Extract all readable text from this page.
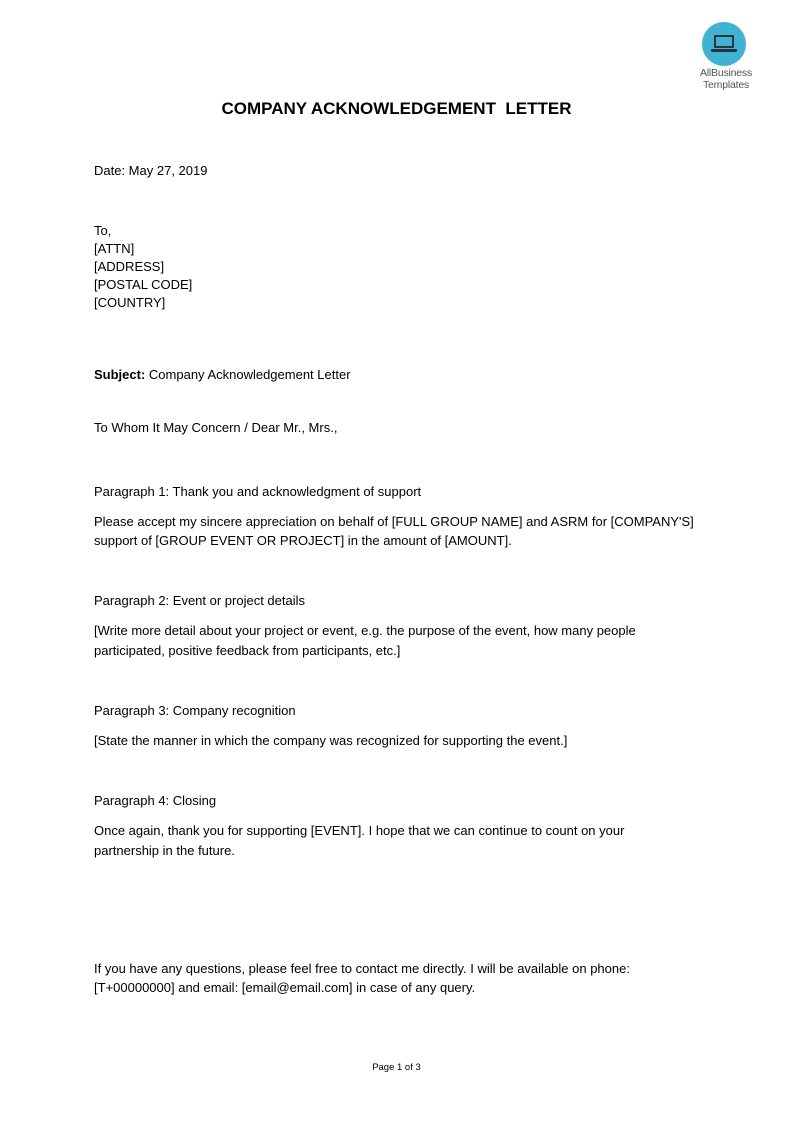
AllBusiness
Templates
COMPANY ACKNOWLEDGEMENT  LETTER
Date: May 27, 2019
To,
[ATTN]
[ADDRESS]
[POSTAL CODE]
[COUNTRY]
Subject: Company Acknowledgement Letter
To Whom It May Concern / Dear Mr., Mrs.,
Paragraph 1: Thank you and acknowledgment of support
Please accept my sincere appreciation on behalf of [FULL GROUP NAME] and ASRM for [COMPANY'S]
support of [GROUP EVENT OR PROJECT] in the amount of [AMOUNT].
Paragraph 2: Event or project details
[Write more detail about your project or event, e.g. the purpose of the event, how many people
participated, positive feedback from participants, etc.]
Paragraph 3: Company recognition
[State the manner in which the company was recognized for supporting the event.]
Paragraph 4: Closing
Once again, thank you for supporting [EVENT]. I hope that we can continue to count on your
partnership in the future.
If you have any questions, please feel free to contact me directly. I will be available on phone:
[T+00000000] and email: [email@email.com] in case of any query.
Page 1 of 3
